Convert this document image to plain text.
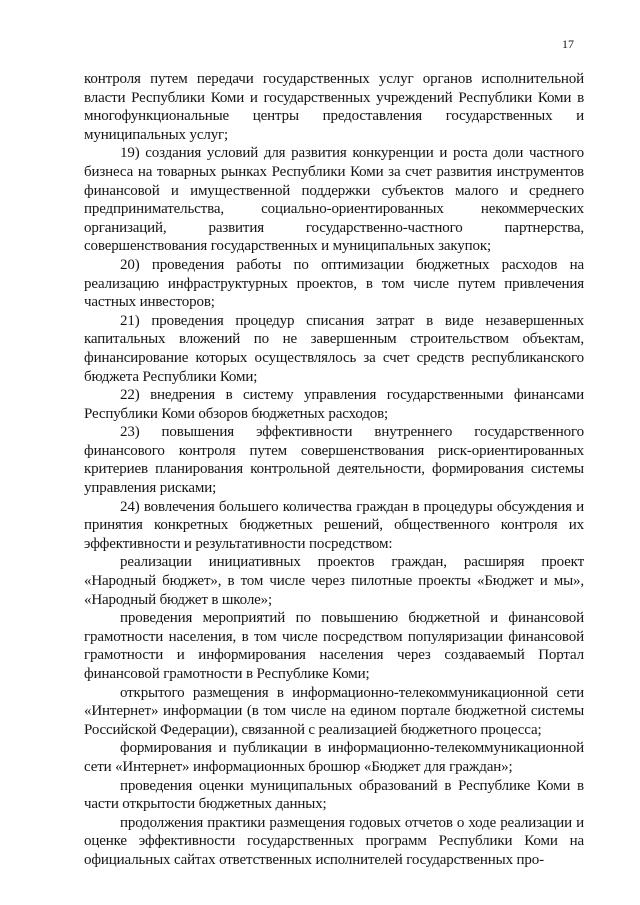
17

контроля путем передачи государственных услуг органов исполнительной власти Республики Коми и государственных учреждений Республики Коми в многофункциональные центры предоставления государственных и муниципальных услуг;

19) создания условий для развития конкуренции и роста доли частного бизнеса на товарных рынках Республики Коми за счет развития инструментов финансовой и имущественной поддержки субъектов малого и среднего предпринимательства, социально-ориентированных некоммерческих организаций, развития государственно-частного партнерства, совершенствования государственных и муниципальных закупок;

20) проведения работы по оптимизации бюджетных расходов на реализацию инфраструктурных проектов, в том числе путем привлечения частных инвесторов;

21) проведения процедур списания затрат в виде незавершенных капитальных вложений по не завершенным строительством объектам, финансирование которых осуществлялось за счет средств республиканского бюджета Республики Коми;

22) внедрения в систему управления государственными финансами Республики Коми обзоров бюджетных расходов;

23) повышения эффективности внутреннего государственного финансового контроля путем совершенствования риск-ориентированных критериев планирования контрольной деятельности, формирования системы управления рисками;

24) вовлечения большего количества граждан в процедуры обсуждения и принятия конкретных бюджетных решений, общественного контроля их эффективности и результативности посредством:

реализации инициативных проектов граждан, расширяя проект «Народный бюджет», в том числе через пилотные проекты «Бюджет и мы», «Народный бюджет в школе»;

проведения мероприятий по повышению бюджетной и финансовой грамотности населения, в том числе посредством популяризации финансовой грамотности и информирования населения через создаваемый Портал финансовой грамотности в Республике Коми;

открытого размещения в информационно-телекоммуникационной сети «Интернет» информации (в том числе на едином портале бюджетной системы Российской Федерации), связанной с реализацией бюджетного процесса;

формирования и публикации в информационно-телекоммуникационной сети «Интернет» информационных брошюр «Бюджет для граждан»;

проведения оценки муниципальных образований в Республике Коми в части открытости бюджетных данных;

продолжения практики размещения годовых отчетов о ходе реализации и оценке эффективности государственных программ Республики Коми на официальных сайтах ответственных исполнителей государственных про-
